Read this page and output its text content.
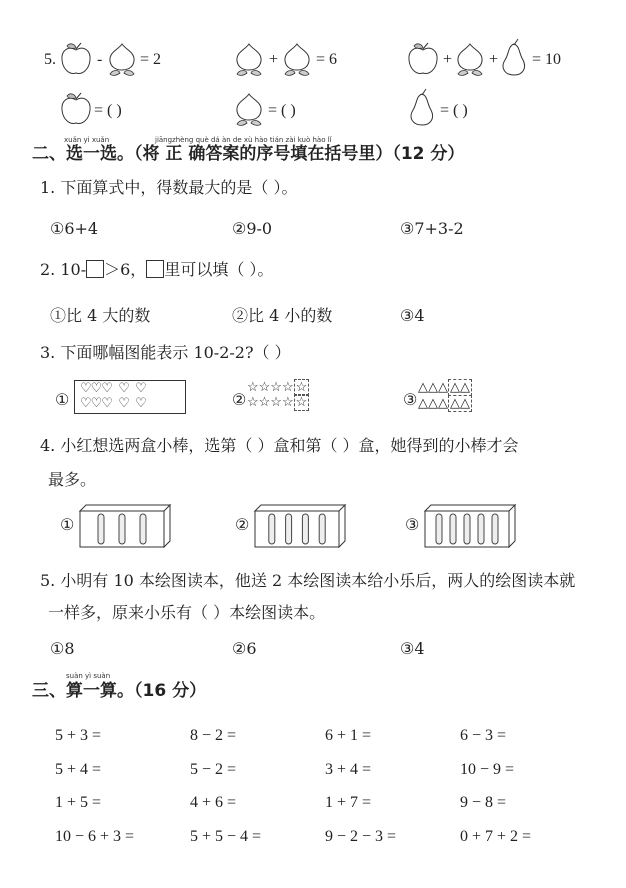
5.	- = 2	+ = 6	+ + = 10
= ( )	= ( )	= ( )
xuǎn yi xuǎn	jiāngzhèng què dá àn de xù hào tián zài kuò hào lǐ
二、选一选。（将 正 确答案的序号填在括号里）（12 分）
1. 下面算式中，得数最大的是（ ）。
①6+4	②9-0	③7+3-2
2. 10- ＞6， 里可以填（ ）。
①比 4 大的数	②比 4 小的数	③4
3. 下面哪幅图能表示 10-2-2?（ ）
①
♡♡♡  ♡  ♡
♡♡♡  ♡  ♡	②
☆☆☆☆ ☆
☆☆☆☆ ☆	③
△△△ △△
△△△ △△
4. 小红想选两盒小棒，选第（ ）盒和第（ ）盒，她得到的小棒才会
最多。
①	②	③
5. 小明有 10 本绘图读本，他送 2 本绘图读本给小乐后，两人的绘图读本就
一样多，原来小乐有（ ）本绘图读本。
①8	②6	③4
suàn yì suàn
三、算一算。（16 分）
5 + 3 =	8 − 2 =	6 + 1 =	6 − 3 =
5 + 4 =	5 − 2 =	3 + 4 =	10 − 9 =
1 + 5 =	4 + 6 =	1 + 7 =	9 − 8 =
10 − 6 + 3 =	5 + 5 − 4 =	9 − 2 − 3 =	0 + 7 + 2 =
